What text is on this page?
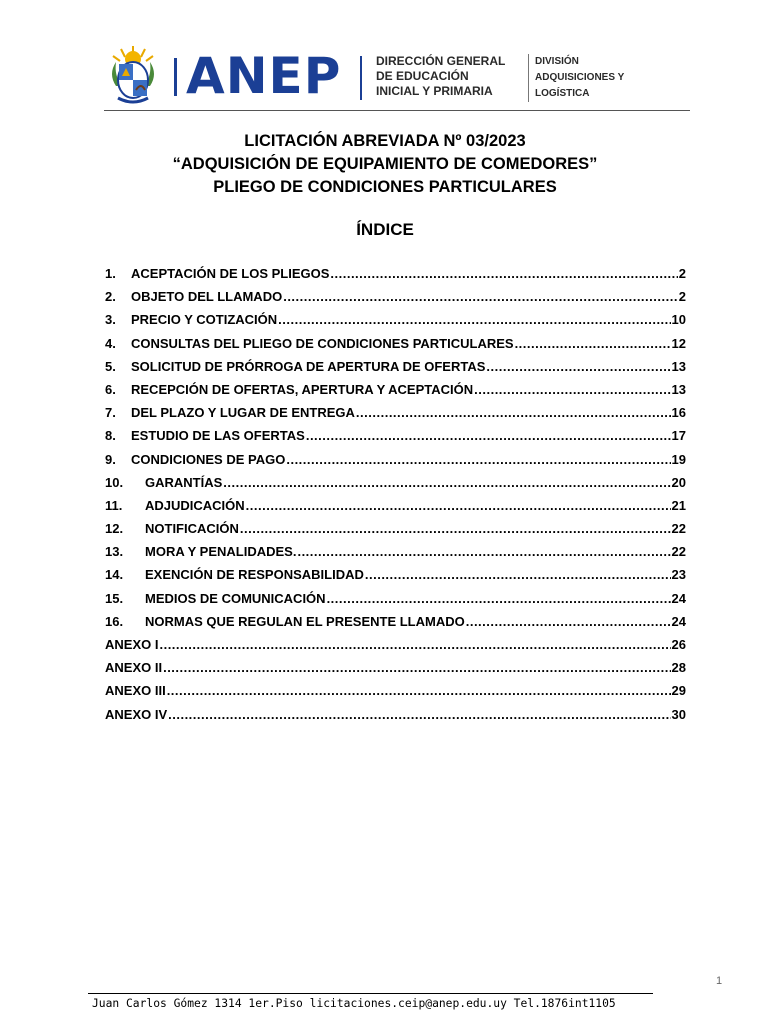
ANEP	DIRECCIÓN GENERAL
DE EDUCACIÓN
INICIAL Y PRIMARIA
DIVISIÓN
ADQUISICIONES Y
LOGÍSTICA
LICITACIÓN ABREVIADA Nº 03/2023
“ADQUISICIÓN DE EQUIPAMIENTO DE COMEDORES”
PLIEGO DE CONDICIONES PARTICULARES
ÍNDICE
1.	ACEPTACIÓN DE LOS PLIEGOS .....	2
2.	OBJETO DEL LLAMADO .....	2
3.	PRECIO Y COTIZACIÓN .....	10
4.	CONSULTAS DEL PLIEGO DE CONDICIONES PARTICULARES .....	12
5.	SOLICITUD DE PRÓRROGA DE APERTURA DE OFERTAS .....	13
6.	RECEPCIÓN DE OFERTAS, APERTURA Y ACEPTACIÓN .....	13
7.	DEL PLAZO Y LUGAR DE ENTREGA .....	16
8.	ESTUDIO DE LAS OFERTAS .....	17
9.	CONDICIONES DE PAGO .....	19
10.	GARANTÍAS .....	20
11.	ADJUDICACIÓN .....	21
12.	NOTIFICACIÓN .....	22
13.	MORA Y PENALIDADES. .....	22
14.	EXENCIÓN DE RESPONSABILIDAD .....	23
15.	MEDIOS DE COMUNICACIÓN .....	24
16.	NORMAS QUE REGULAN EL PRESENTE LLAMADO .....	24
ANEXO I .....	26
ANEXO II .....	28
ANEXO III .....	29
ANEXO IV .....	30
1
Juan Carlos Gómez 1314 1er.Piso licitaciones.ceip@anep.edu.uy Tel.1876int1105
